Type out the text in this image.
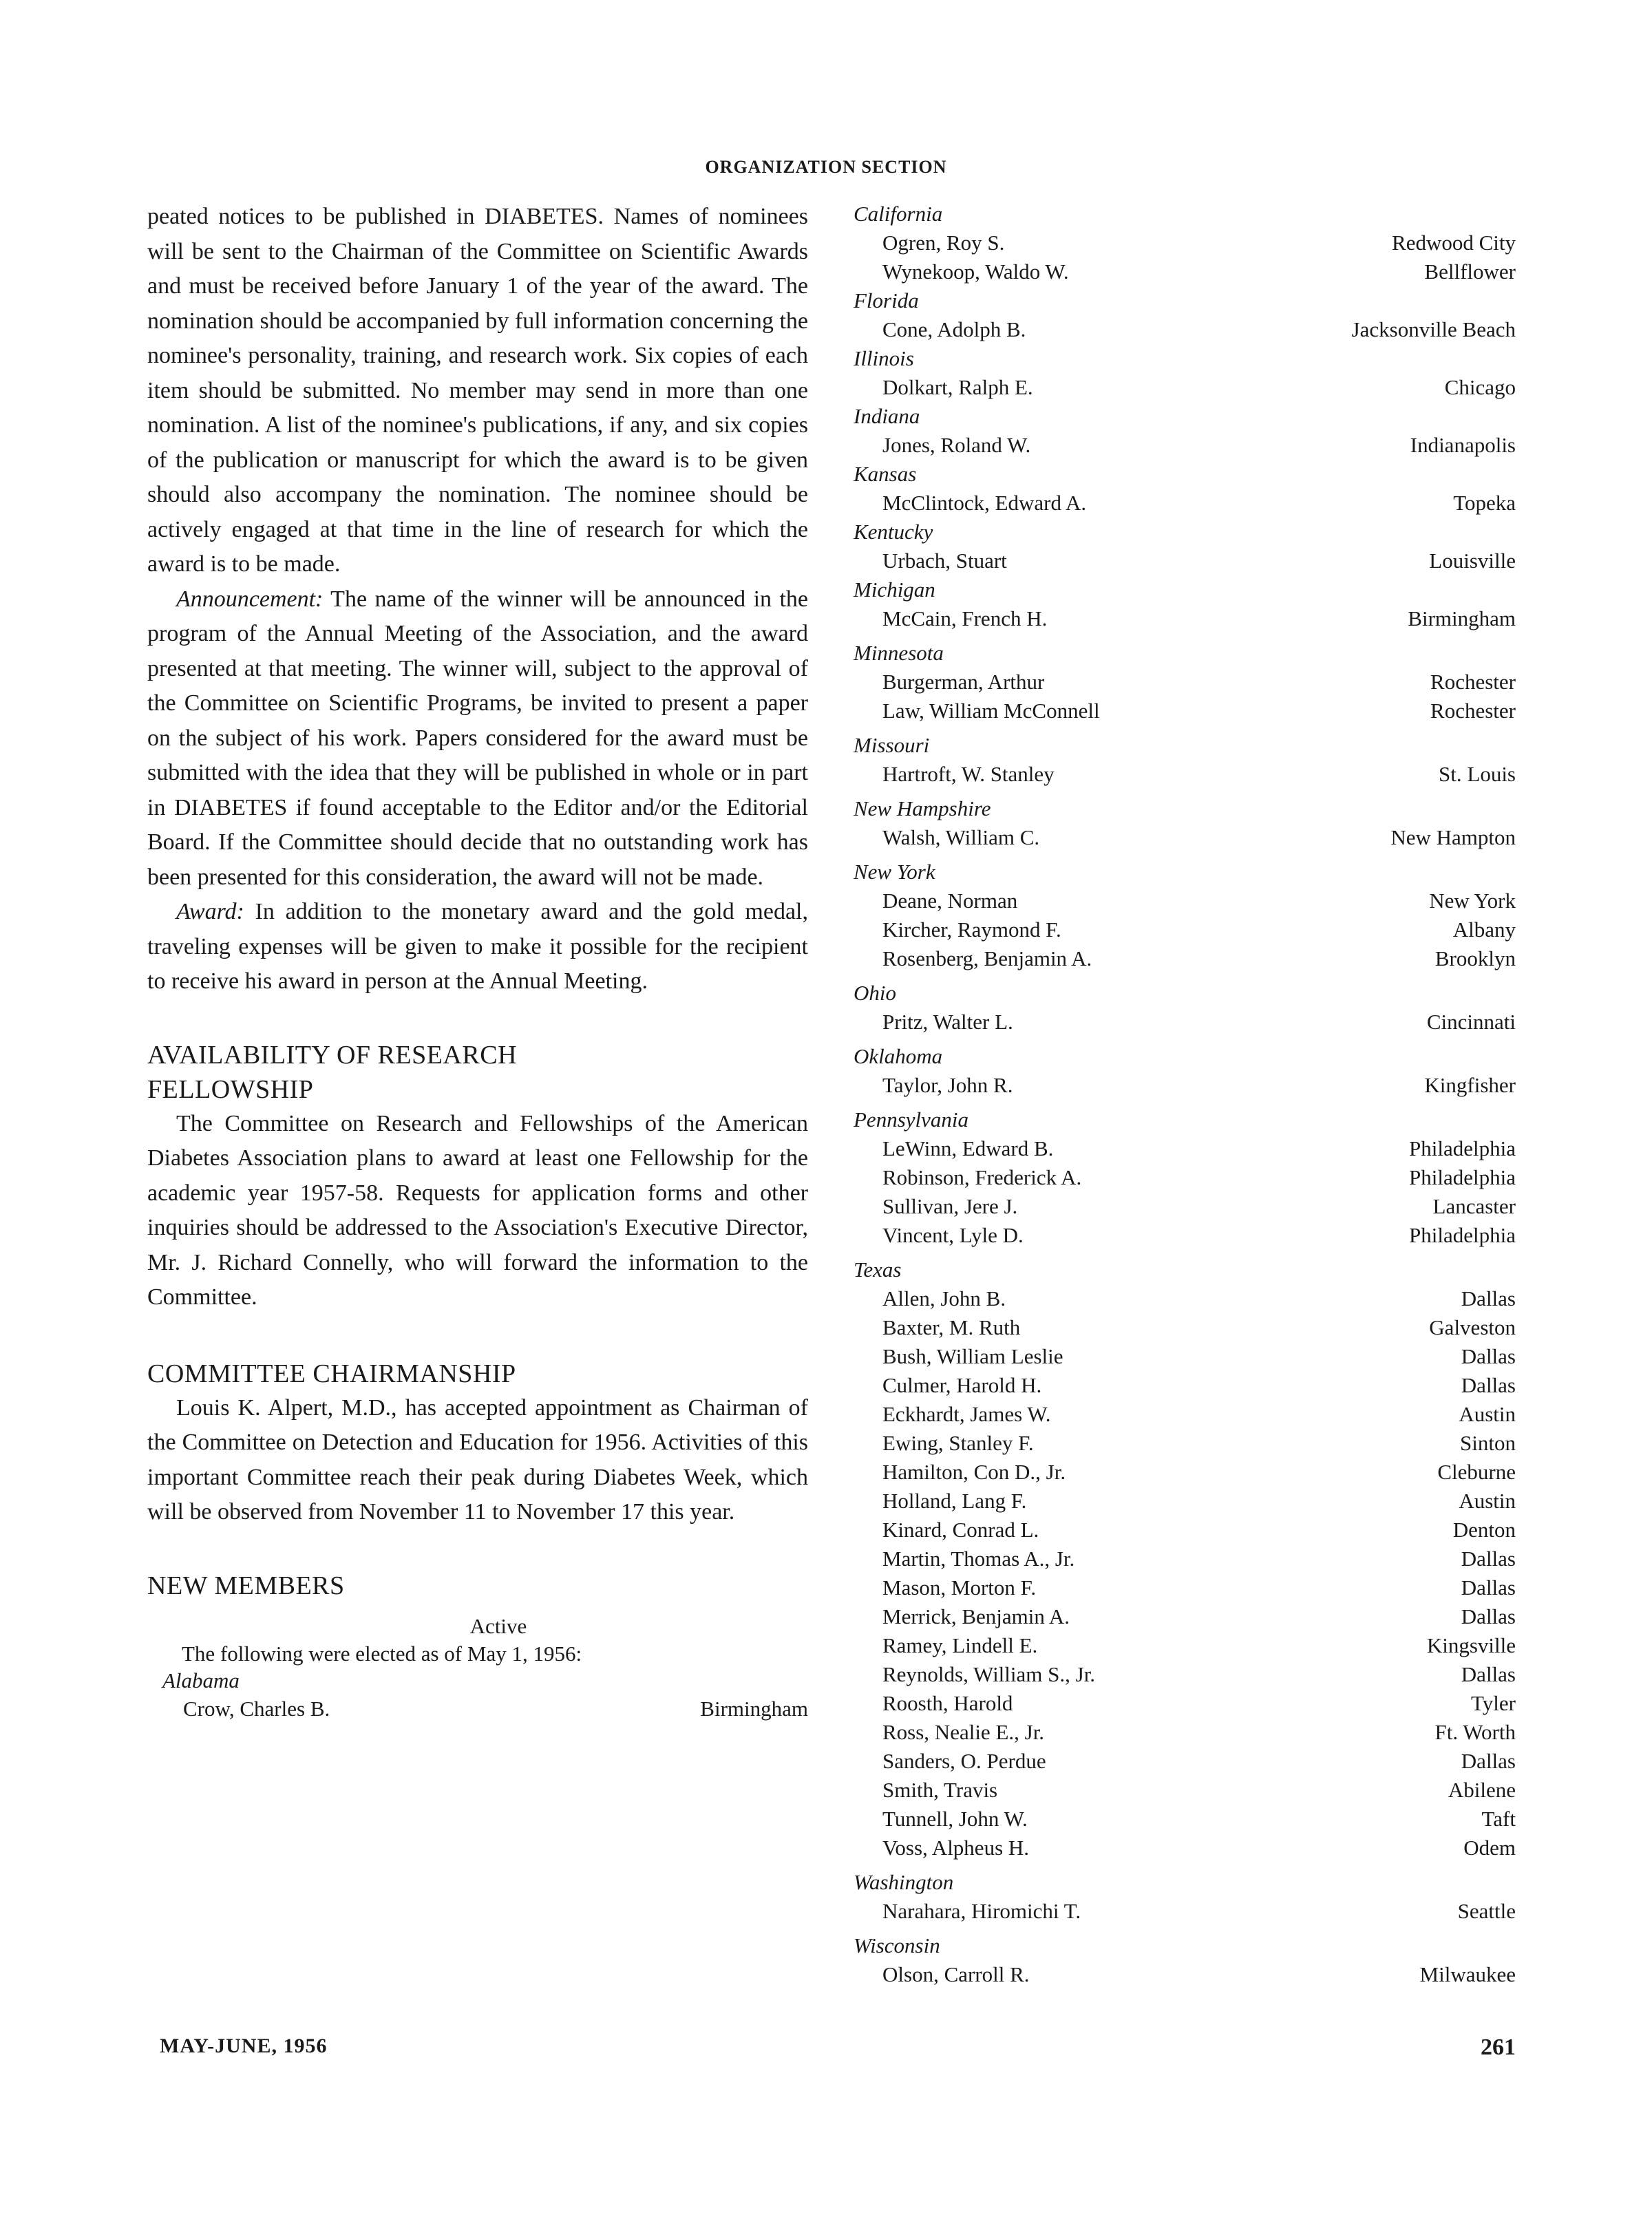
ORGANIZATION SECTION

peated notices to be published in DIABETES. Names of nominees will be sent to the Chairman of the Committee on Scientific Awards and must be received before January 1 of the year of the award. The nomination should be accompanied by full information concerning the nominee's personality, training, and research work. Six copies of each item should be submitted. No member may send in more than one nomination. A list of the nominee's publications, if any, and six copies of the publication or manuscript for which the award is to be given should also accompany the nomination. The nominee should be actively engaged at that time in the line of research for which the award is to be made.

Announcement: The name of the winner will be announced in the program of the Annual Meeting of the Association, and the award presented at that meeting. The winner will, subject to the approval of the Committee on Scientific Programs, be invited to present a paper on the subject of his work. Papers considered for the award must be submitted with the idea that they will be published in whole or in part in DIABETES if found acceptable to the Editor and/or the Editorial Board. If the Committee should decide that no outstanding work has been presented for this consideration, the award will not be made.

Award: In addition to the monetary award and the gold medal, traveling expenses will be given to make it possible for the recipient to receive his award in person at the Annual Meeting.

AVAILABILITY OF RESEARCH
FELLOWSHIP

The Committee on Research and Fellowships of the American Diabetes Association plans to award at least one Fellowship for the academic year 1957-58. Requests for application forms and other inquiries should be addressed to the Association's Executive Director, Mr. J. Richard Connelly, who will forward the information to the Committee.

COMMITTEE CHAIRMANSHIP

Louis K. Alpert, M.D., has accepted appointment as Chairman of the Committee on Detection and Education for 1956. Activities of this important Committee reach their peak during Diabetes Week, which will be observed from November 11 to November 17 this year.

NEW MEMBERS
Active
The following were elected as of May 1, 1956:
Alabama
Crow, Charles B.	Birmingham
California
Ogren, Roy S.	Redwood City
Wynekoop, Waldo W.	Bellflower
Florida
Cone, Adolph B.	Jacksonville Beach
Illinois
Dolkart, Ralph E.	Chicago
Indiana
Jones, Roland W.	Indianapolis
Kansas
McClintock, Edward A.	Topeka
Kentucky
Urbach, Stuart	Louisville
Michigan
McCain, French H.	Birmingham
Minnesota
Burgerman, Arthur	Rochester
Law, William McConnell	Rochester
Missouri
Hartroft, W. Stanley	St. Louis
New Hampshire
Walsh, William C.	New Hampton
New York
Deane, Norman	New York
Kircher, Raymond F.	Albany
Rosenberg, Benjamin A.	Brooklyn
Ohio
Pritz, Walter L.	Cincinnati
Oklahoma
Taylor, John R.	Kingfisher
Pennsylvania
LeWinn, Edward B.	Philadelphia
Robinson, Frederick A.	Philadelphia
Sullivan, Jere J.	Lancaster
Vincent, Lyle D.	Philadelphia
Texas
Allen, John B.	Dallas
Baxter, M. Ruth	Galveston
Bush, William Leslie	Dallas
Culmer, Harold H.	Dallas
Eckhardt, James W.	Austin
Ewing, Stanley F.	Sinton
Hamilton, Con D., Jr.	Cleburne
Holland, Lang F.	Austin
Kinard, Conrad L.	Denton
Martin, Thomas A., Jr.	Dallas
Mason, Morton F.	Dallas
Merrick, Benjamin A.	Dallas
Ramey, Lindell E.	Kingsville
Reynolds, William S., Jr.	Dallas
Roosth, Harold	Tyler
Ross, Nealie E., Jr.	Ft. Worth
Sanders, O. Perdue	Dallas
Smith, Travis	Abilene
Tunnell, John W.	Taft
Voss, Alpheus H.	Odem
Washington
Narahara, Hiromichi T.	Seattle
Wisconsin
Olson, Carroll R.	Milwaukee
MAY-JUNE, 1956	261
